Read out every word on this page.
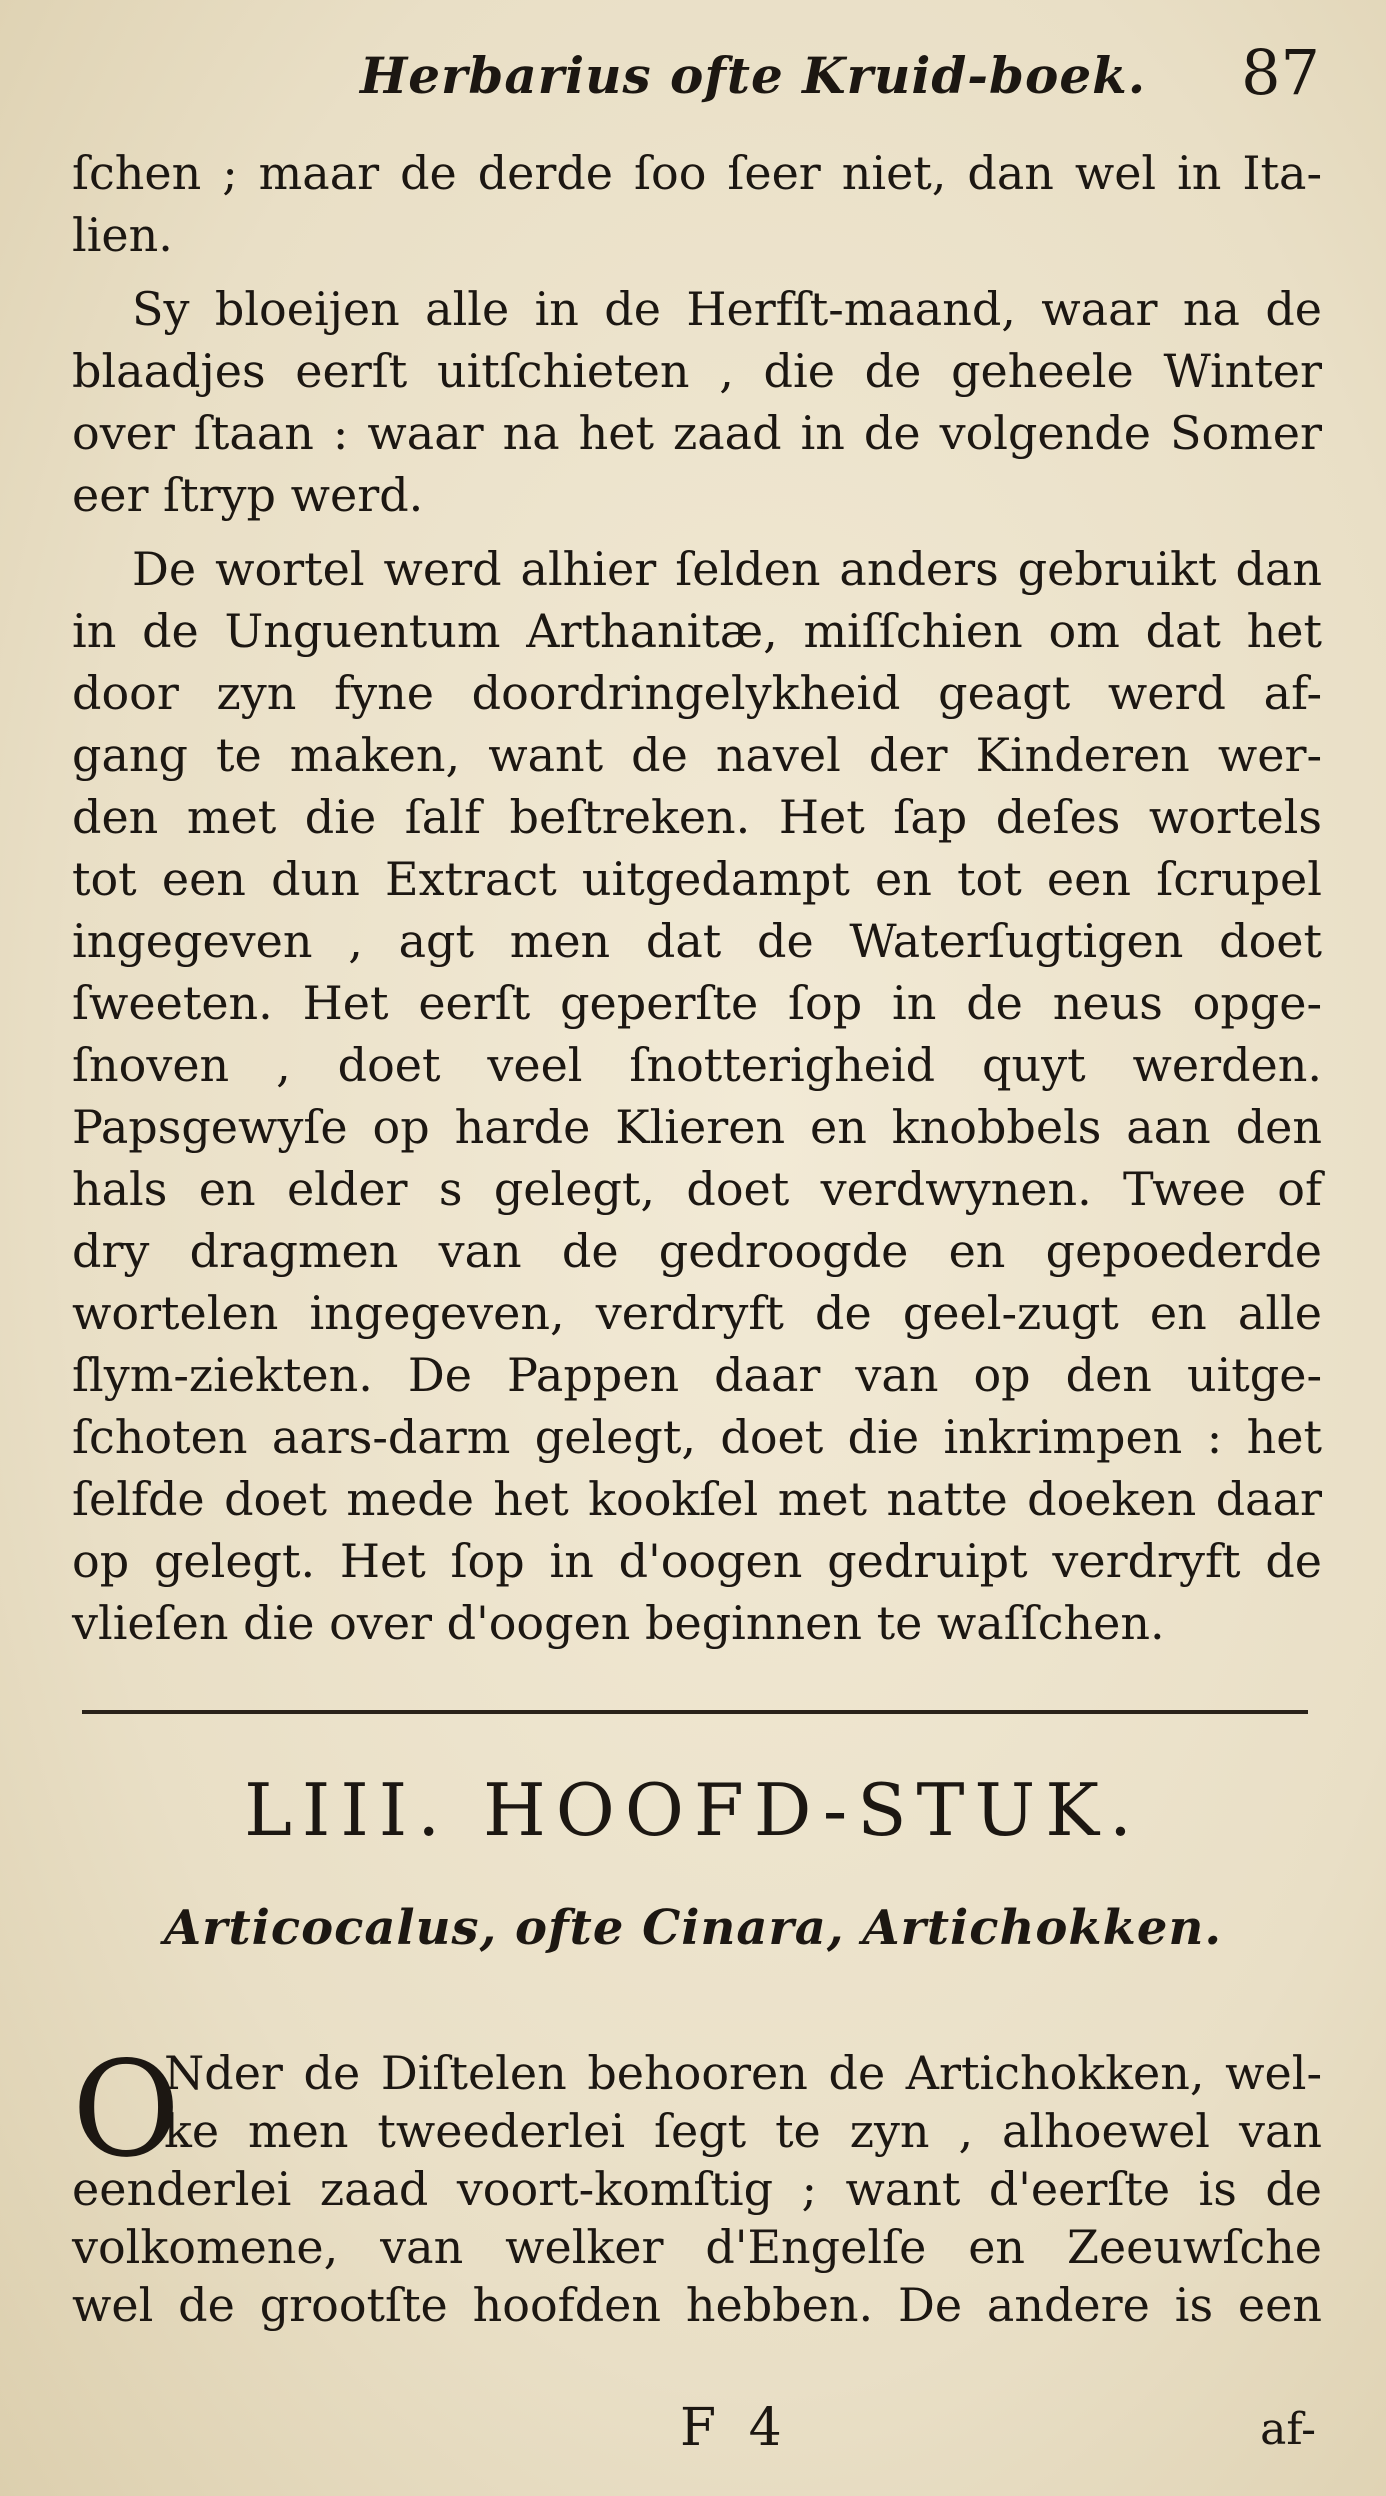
Herbarius ofte Kruid-boek. 87
ſchen ; maar de derde ſoo ſeer niet, dan wel in Ita-
lien.
Sy bloeijen alle in de Herfſt-maand, waar na de
blaadjes eerſt uitſchieten , die de geheele Winter
over ſtaan : waar na het zaad in de volgende Somer
eer ſtryp werd.
De wortel werd alhier ſelden anders gebruikt dan
in de Unguentum Arthanitæ, miſſchien om dat het
door zyn fyne doordringelykheid geagt werd af-
gang te maken, want de navel der Kinderen wer-
den met die ſalf beſtreken. Het ſap deſes wortels
tot een dun Extract uitgedampt en tot een ſcrupel
ingegeven , agt men dat de Waterſugtigen doet
ſweeten. Het eerſt geperſte ſop in de neus opge-
ſnoven , doet veel ſnotterigheid quyt werden.
Papsgewyſe op harde Klieren en knobbels aan den
hals en elder s gelegt, doet verdwynen. Twee of
dry dragmen van de gedroogde en gepoederde
wortelen ingegeven, verdryft de geel-zugt en alle
ſlym-ziekten. De Pappen daar van op den uitge-
ſchoten aars-darm gelegt, doet die inkrimpen : het
ſelfde doet mede het kookſel met natte doeken daar
op gelegt. Het ſop in d'oogen gedruipt verdryft de
vlieſen die over d'oogen beginnen te waſſchen.
LIII. HOOFD-STUK.
Articocalus, ofte Cinara, Artichokken.
O
Nder de Diſtelen behooren de Artichokken, wel-
ke men tweederlei ſegt te zyn , alhoewel van
eenderlei zaad voort-komſtig ; want d'eerſte is de
volkomene, van welker d'Engelſe en Zeeuwſche
wel de grootſte hoofden hebben. De andere is een
F 4	af-
